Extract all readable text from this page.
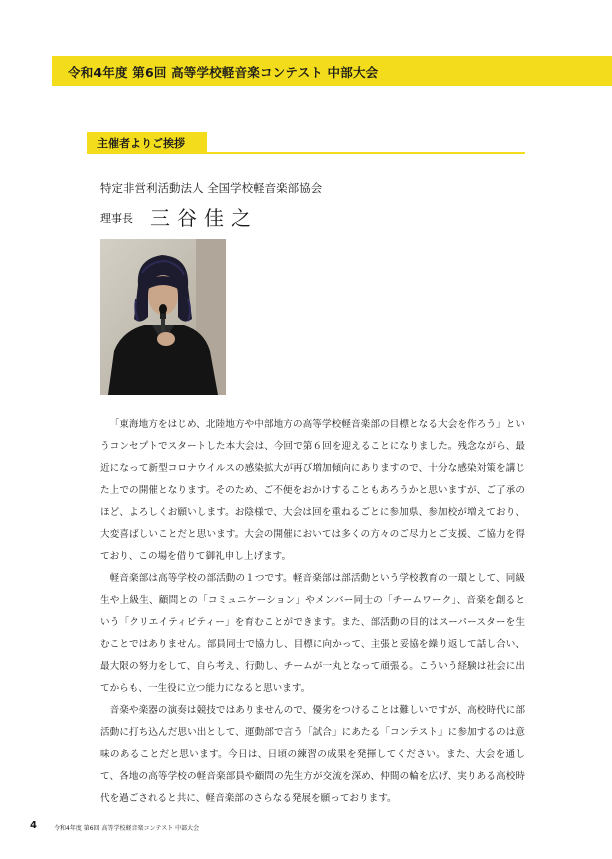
令和4年度 第6回 高等学校軽音楽コンテスト 中部大会
主催者よりご挨拶
特定非営利活動法人 全国学校軽音楽部協会
理事長 三谷佳之

「東海地方をはじめ、北陸地方や中部地方の高等学校軽音楽部の目標となる大会を作ろう」というコンセプトでスタートした本大会は、今回で第６回を迎えることになりました。残念ながら、最近になって新型コロナウイルスの感染拡大が再び増加傾向にありますので、十分な感染対策を講じた上での開催となります。そのため、ご不便をおかけすることもあろうかと思いますが、ご了承のほど、よろしくお願いします。お陰様で、大会は回を重ねるごとに参加県、参加校が増えており、大変喜ばしいことだと思います。大会の開催においては多くの方々のご尽力とご支援、ご協力を得ており、この場を借りて御礼申し上げます。

軽音楽部は高等学校の部活動の１つです。軽音楽部は部活動という学校教育の一環として、同級生や上級生、顧問との「コミュニケーション」やメンバー同士の「チームワーク」、音楽を創るという「クリエイティビティー」を育むことができます。また、部活動の目的はスーパースターを生むことではありません。部員同士で協力し、目標に向かって、主張と妥協を繰り返して話し合い、最大限の努力をして、自ら考え、行動し、チームが一丸となって頑張る。こういう経験は社会に出てからも、一生役に立つ能力になると思います。

音楽や楽器の演奏は競技ではありませんので、優劣をつけることは難しいですが、高校時代に部活動に打ち込んだ思い出として、運動部で言う「試合」にあたる「コンテスト」に参加するのは意味のあることだと思います。今日は、日頃の練習の成果を発揮してください。また、大会を通して、各地の高等学校の軽音楽部員や顧問の先生方が交流を深め、仲間の輪を広げ、実りある高校時代を過ごされると共に、軽音楽部のさらなる発展を願っております。

4	令和4年度 第6回 高等学校軽音楽コンテスト 中部大会
